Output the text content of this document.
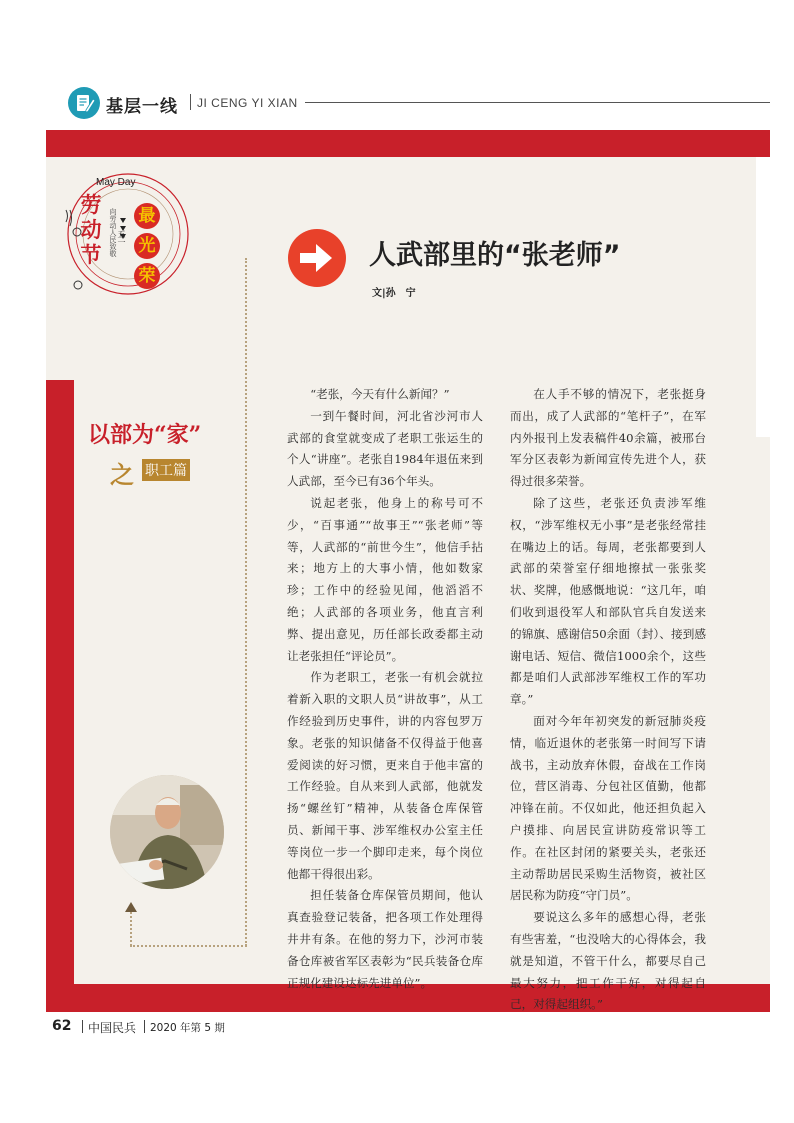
基层一线 JI CENG YI XIAN
May Day
劳动节	向劳动人民致敬 五一
最
光
荣
以部为“家”
之 职工篇
人武部里的“张老师”
文|孙　宁

“老张，今天有什么新闻？”

一到午餐时间，河北省沙河市人武部的食堂就变成了老职工张运生的个人“讲座”。老张自1984年退伍来到人武部，至今已有36个年头。

说起老张，他身上的称号可不少，“百事通”“故事王”“张老师”等等，人武部的“前世今生”，他信手拈来；地方上的大事小情，他如数家珍；工作中的经验见闻，他滔滔不绝；人武部的各项业务，他直言利弊、提出意见，历任部长政委都主动让老张担任“评论员”。

作为老职工，老张一有机会就拉着新入职的文职人员“讲故事”，从工作经验到历史事件，讲的内容包罗万象。老张的知识储备不仅得益于他喜爱阅读的好习惯，更来自于他丰富的工作经验。自从来到人武部，他就发扬“螺丝钉”精神，从装备仓库保管员、新闻干事、涉军维权办公室主任等岗位一步一个脚印走来，每个岗位他都干得很出彩。

担任装备仓库保管员期间，他认真查验登记装备，把各项工作处理得井井有条。在他的努力下，沙河市装备仓库被省军区表彰为“民兵装备仓库正规化建设达标先进单位”。

在人手不够的情况下，老张挺身而出，成了人武部的“笔杆子”，在军内外报刊上发表稿件40余篇，被邢台军分区表彰为新闻宣传先进个人，获得过很多荣誉。

除了这些，老张还负责涉军维权，“涉军维权无小事”是老张经常挂在嘴边上的话。每周，老张都要到人武部的荣誉室仔细地擦拭一张张奖状、奖牌，他感慨地说：“这几年，咱们收到退役军人和部队官兵自发送来的锦旗、感谢信50余面（封）、接到感谢电话、短信、微信1000余个，这些都是咱们人武部涉军维权工作的军功章。”

面对今年年初突发的新冠肺炎疫情，临近退休的老张第一时间写下请战书，主动放弃休假，奋战在工作岗位，营区消毒、分包社区值勤，他都冲锋在前。不仅如此，他还担负起入户摸排、向居民宣讲防疫常识等工作。在社区封闭的紧要关头，老张还主动帮助居民采购生活物资，被社区居民称为防疫“守门员”。

要说这么多年的感想心得，老张有些害羞，“也没啥大的心得体会，我就是知道，不管干什么，都要尽自己最大努力，把工作干好，对得起自己，对得起组织。”

62 中国民兵 2020 年第 5 期
